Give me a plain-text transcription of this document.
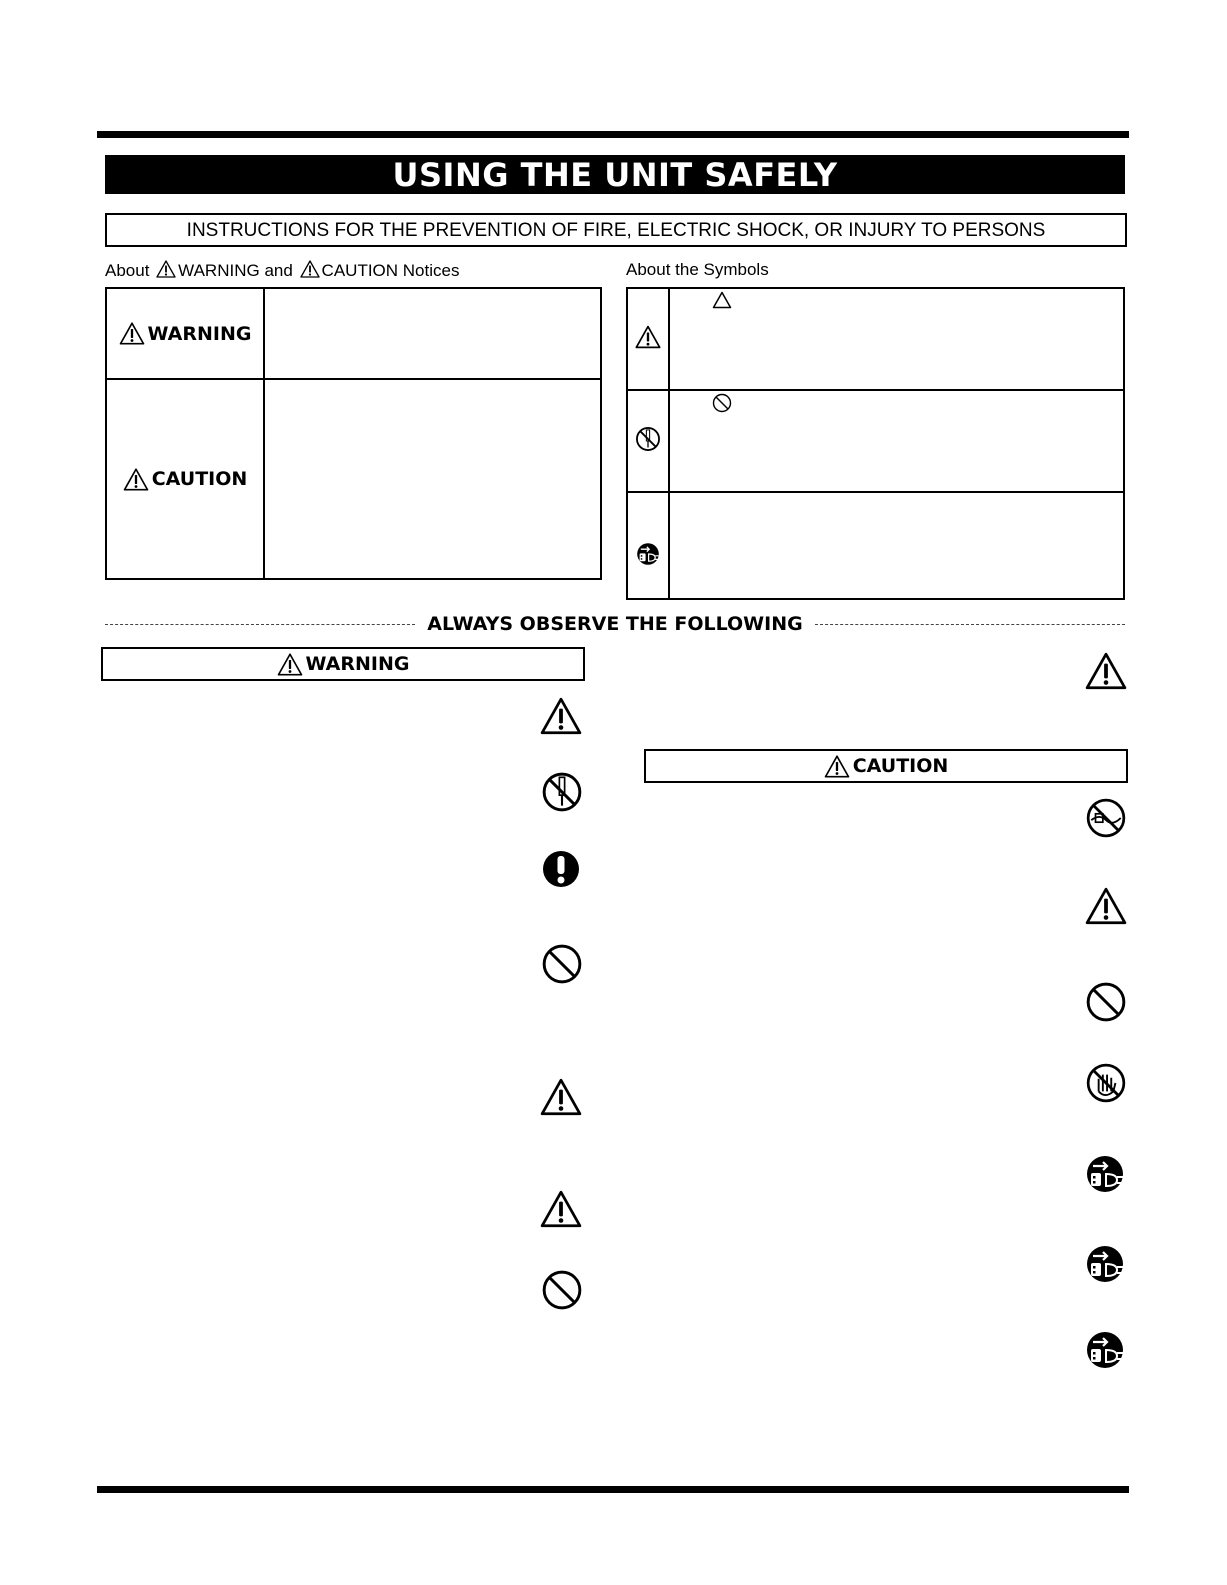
USING THE UNIT SAFELY
INSTRUCTIONS FOR THE PREVENTION OF FIRE, ELECTRIC SHOCK, OR INJURY TO PERSONS
About WARNING and CAUTION Notices	About the Symbols
WARNING	

CAUTION	

ALWAYS OBSERVE THE FOLLOWING
WARNING
CAUTION
